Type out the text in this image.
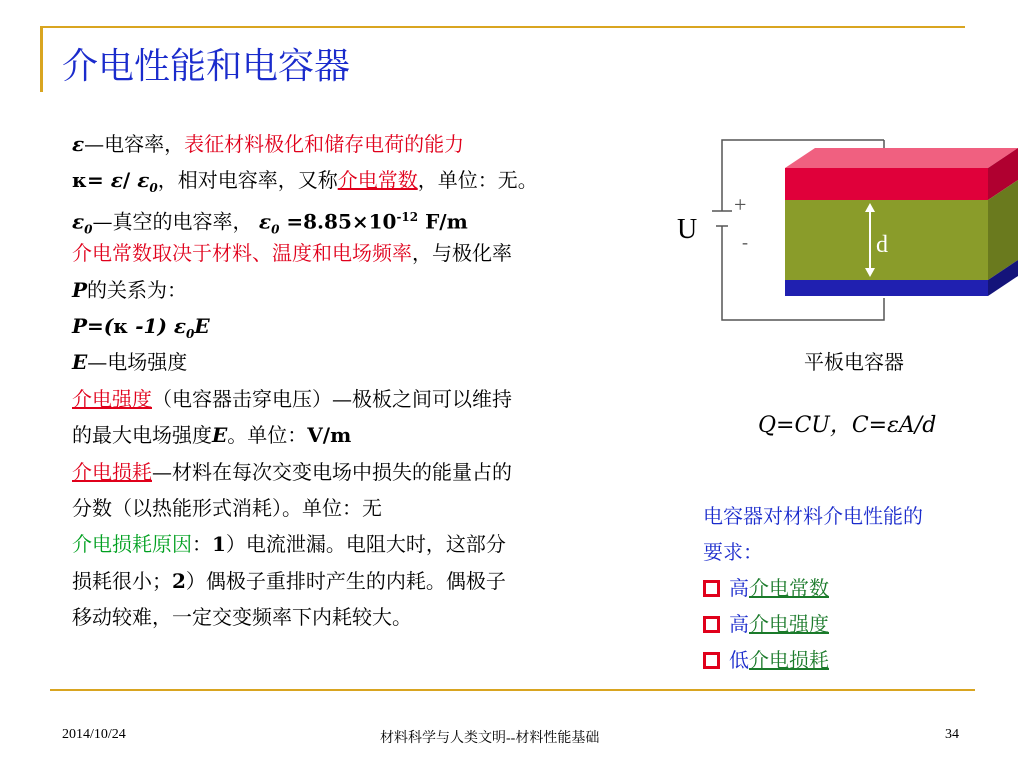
介电性能和电容器
ε—电容率，表征材料极化和储存电荷的能力
κ= ε/ $\varepsilon_0$，相对电容率，又称介电常数，单位：无。
$\varepsilon_0—$真空的电容率， $\varepsilon_0 =8.85\times 10^{-12}$ F/m
介电常数取决于材料、温度和电场频率，与极化率
P的关系为：
P=(κ -1) $\varepsilon_0E$
E—电场强度
介电强度（电容器击穿电压）—极板之间可以维持
的最大电场强度E。单位：V/m
介电损耗—材料在每次交变电场中损失的能量占的
分数（以热能形式消耗）。单位：无
介电损耗原因：1）电流泄漏。电阻大时，这部分
损耗很小；2）偶极子重排时产生的内耗。偶极子
移动较难，一定交变频率下内耗较大。
U
+
-	d
平板电容器
Q=CU，C=εA/d
电容器对材料介电性能的
要求：
高 介电常数
高 介电强度
低 介电损耗
2014/10/24	材料科学与人类文明--材料性能基础	34
